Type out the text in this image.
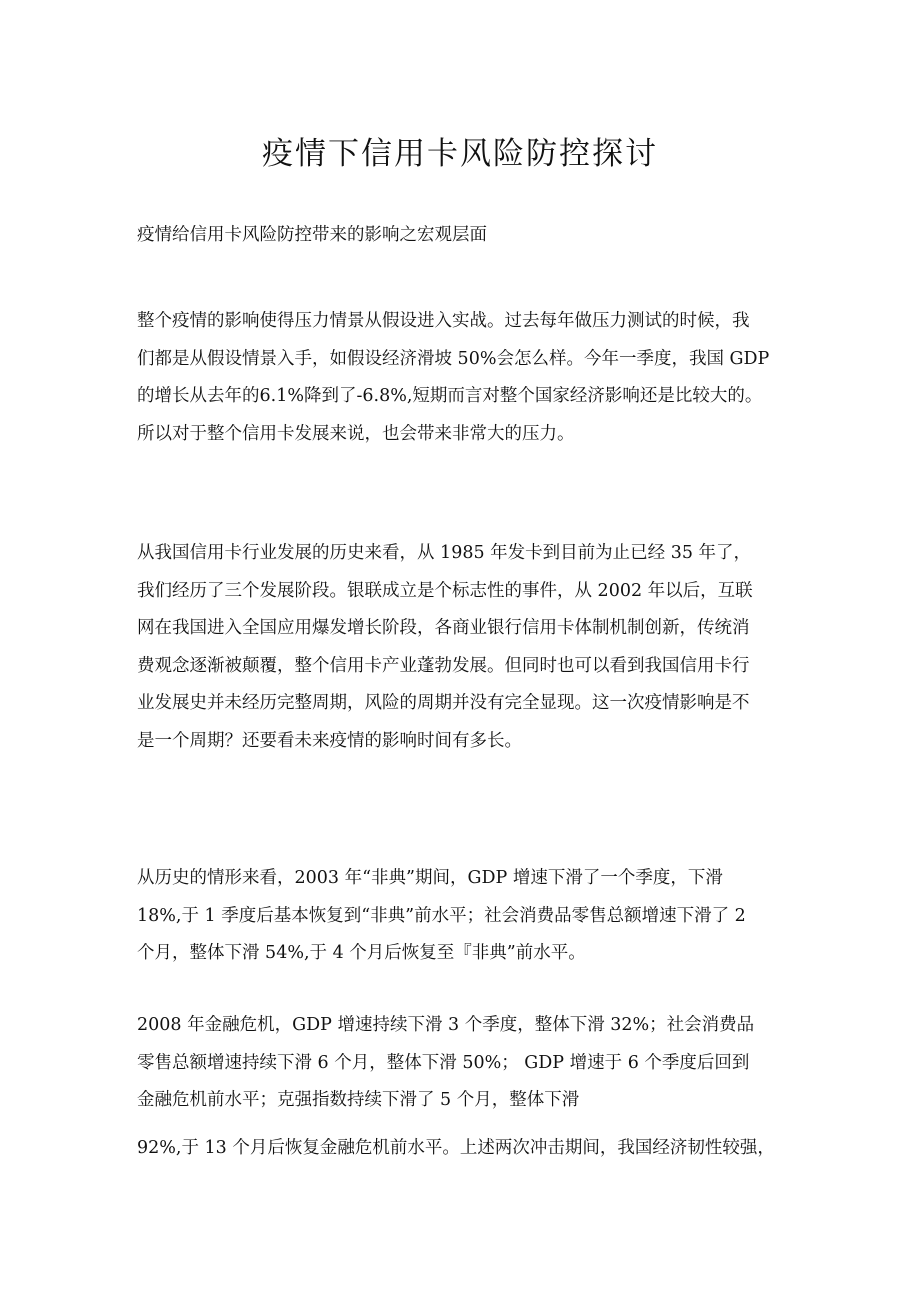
疫情下信用卡风险防控探讨

疫情给信用卡风险防控带来的影响之宏观层面

整个疫情的影响使得压力情景从假设进入实战。过去每年做压力测试的时候，我
们都是从假设情景入手，如假设经济滑坡 50%会怎么样。今年一季度，我国 GDP
的增长从去年的6.1%降到了-6.8%,短期而言对整个国家经济影响还是比较大的。
所以对于整个信用卡发展来说，也会带来非常大的压力。
从我国信用卡行业发展的历史来看，从 1985 年发卡到目前为止已经 35 年了，
我们经历了三个发展阶段。银联成立是个标志性的事件，从 2002 年以后，互联
网在我国进入全国应用爆发增长阶段，各商业银行信用卡体制机制创新，传统消
费观念逐渐被颠覆，整个信用卡产业蓬勃发展。但同时也可以看到我国信用卡行
业发展史并未经历完整周期，风险的周期并没有完全显现。这一次疫情影响是不
是一个周期？还要看未来疫情的影响时间有多长。
从历史的情形来看，2003 年“非典”期间，GDP 增速下滑了一个季度，下滑
18%,于 1 季度后基本恢复到“非典”前水平；社会消费品零售总额增速下滑了 2
个月，整体下滑 54%,于 4 个月后恢复至『非典”前水平。
2008 年金融危机，GDP 增速持续下滑 3 个季度，整体下滑 32%；社会消费品
零售总额增速持续下滑 6 个月，整体下滑 50%； GDP 增速于 6 个季度后回到
金融危机前水平；克强指数持续下滑了 5 个月，整体下滑
92%,于 13 个月后恢复金融危机前水平。上述两次冲击期间，我国经济韧性较强，
